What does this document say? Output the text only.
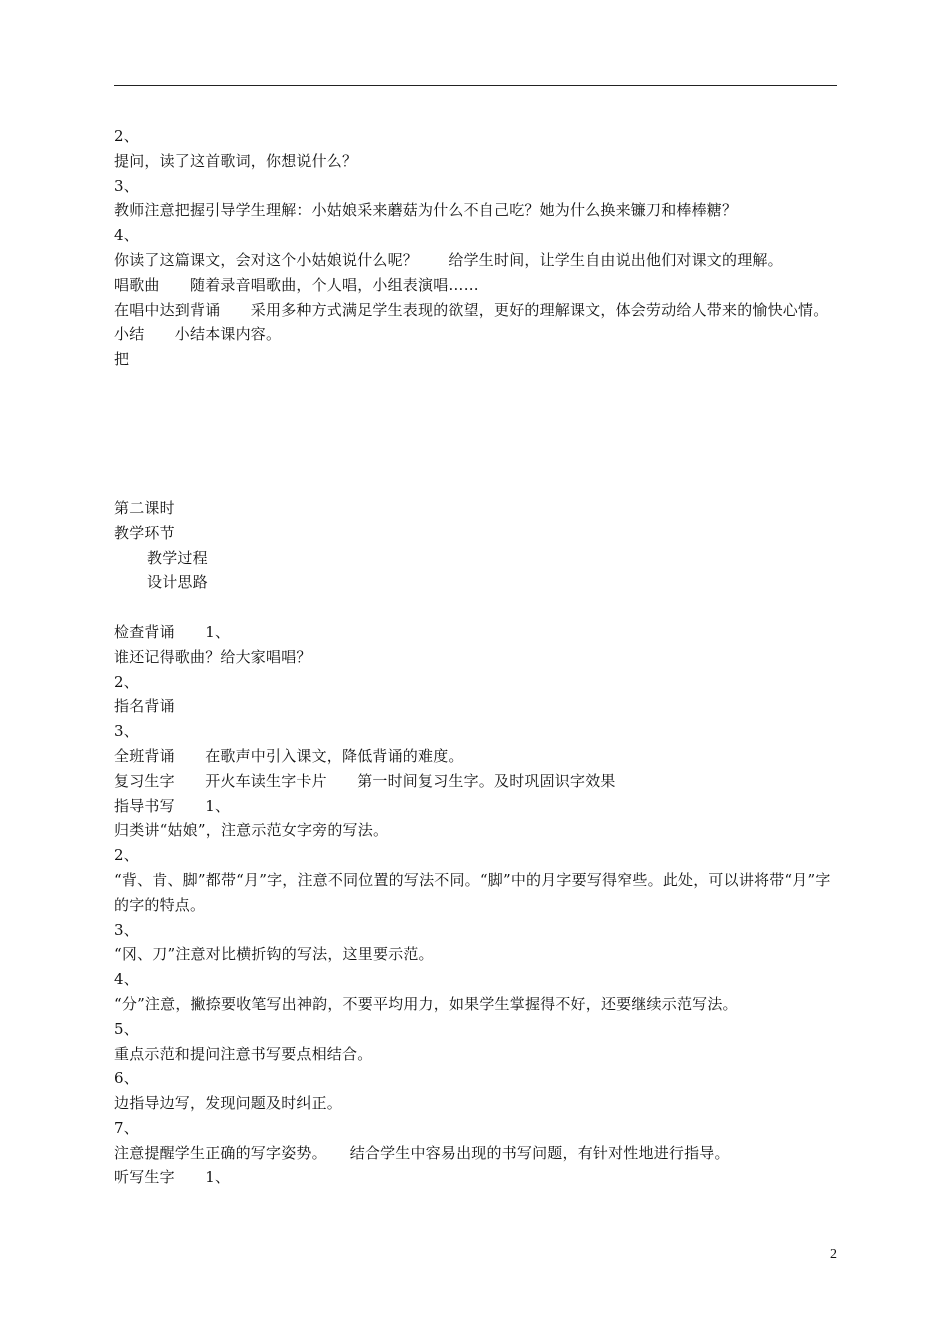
2、
提问，读了这首歌词，你想说什么？
3、
教师注意把握引导学生理解：小姑娘采来蘑菇为什么不自己吃？她为什么换来镰刀和棒棒糖？
4、
你读了这篇课文，会对这个小姑娘说什么呢？　　给学生时间，让学生自由说出他们对课文的理解。
唱歌曲　　随着录音唱歌曲，个人唱，小组表演唱……
在唱中达到背诵　　采用多种方式满足学生表现的欲望，更好的理解课文，体会劳动给人带来的愉快心情。
小结　　小结本课内容。
把
第二课时
教学环节
教学过程
设计思路
检查背诵　　1、
谁还记得歌曲？给大家唱唱？
2、
指名背诵
3、
全班背诵　　在歌声中引入课文，降低背诵的难度。
复习生字　　开火车读生字卡片　　第一时间复习生字。及时巩固识字效果
指导书写　　1、
归类讲“姑娘”，注意示范女字旁的写法。
2、
“背、肯、脚”都带“月”字，注意不同位置的写法不同。“脚”中的月字要写得窄些。此处，可以讲将带“月”字的字的特点。
3、
“冈、刀”注意对比横折钩的写法，这里要示范。
4、
“分”注意，撇捺要收笔写出神韵，不要平均用力，如果学生掌握得不好，还要继续示范写法。
5、
重点示范和提问注意书写要点相结合。
6、
边指导边写，发现问题及时纠正。
7、
注意提醒学生正确的写字姿势。　　结合学生中容易出现的书写问题，有针对性地进行指导。
听写生字　　1、
2
